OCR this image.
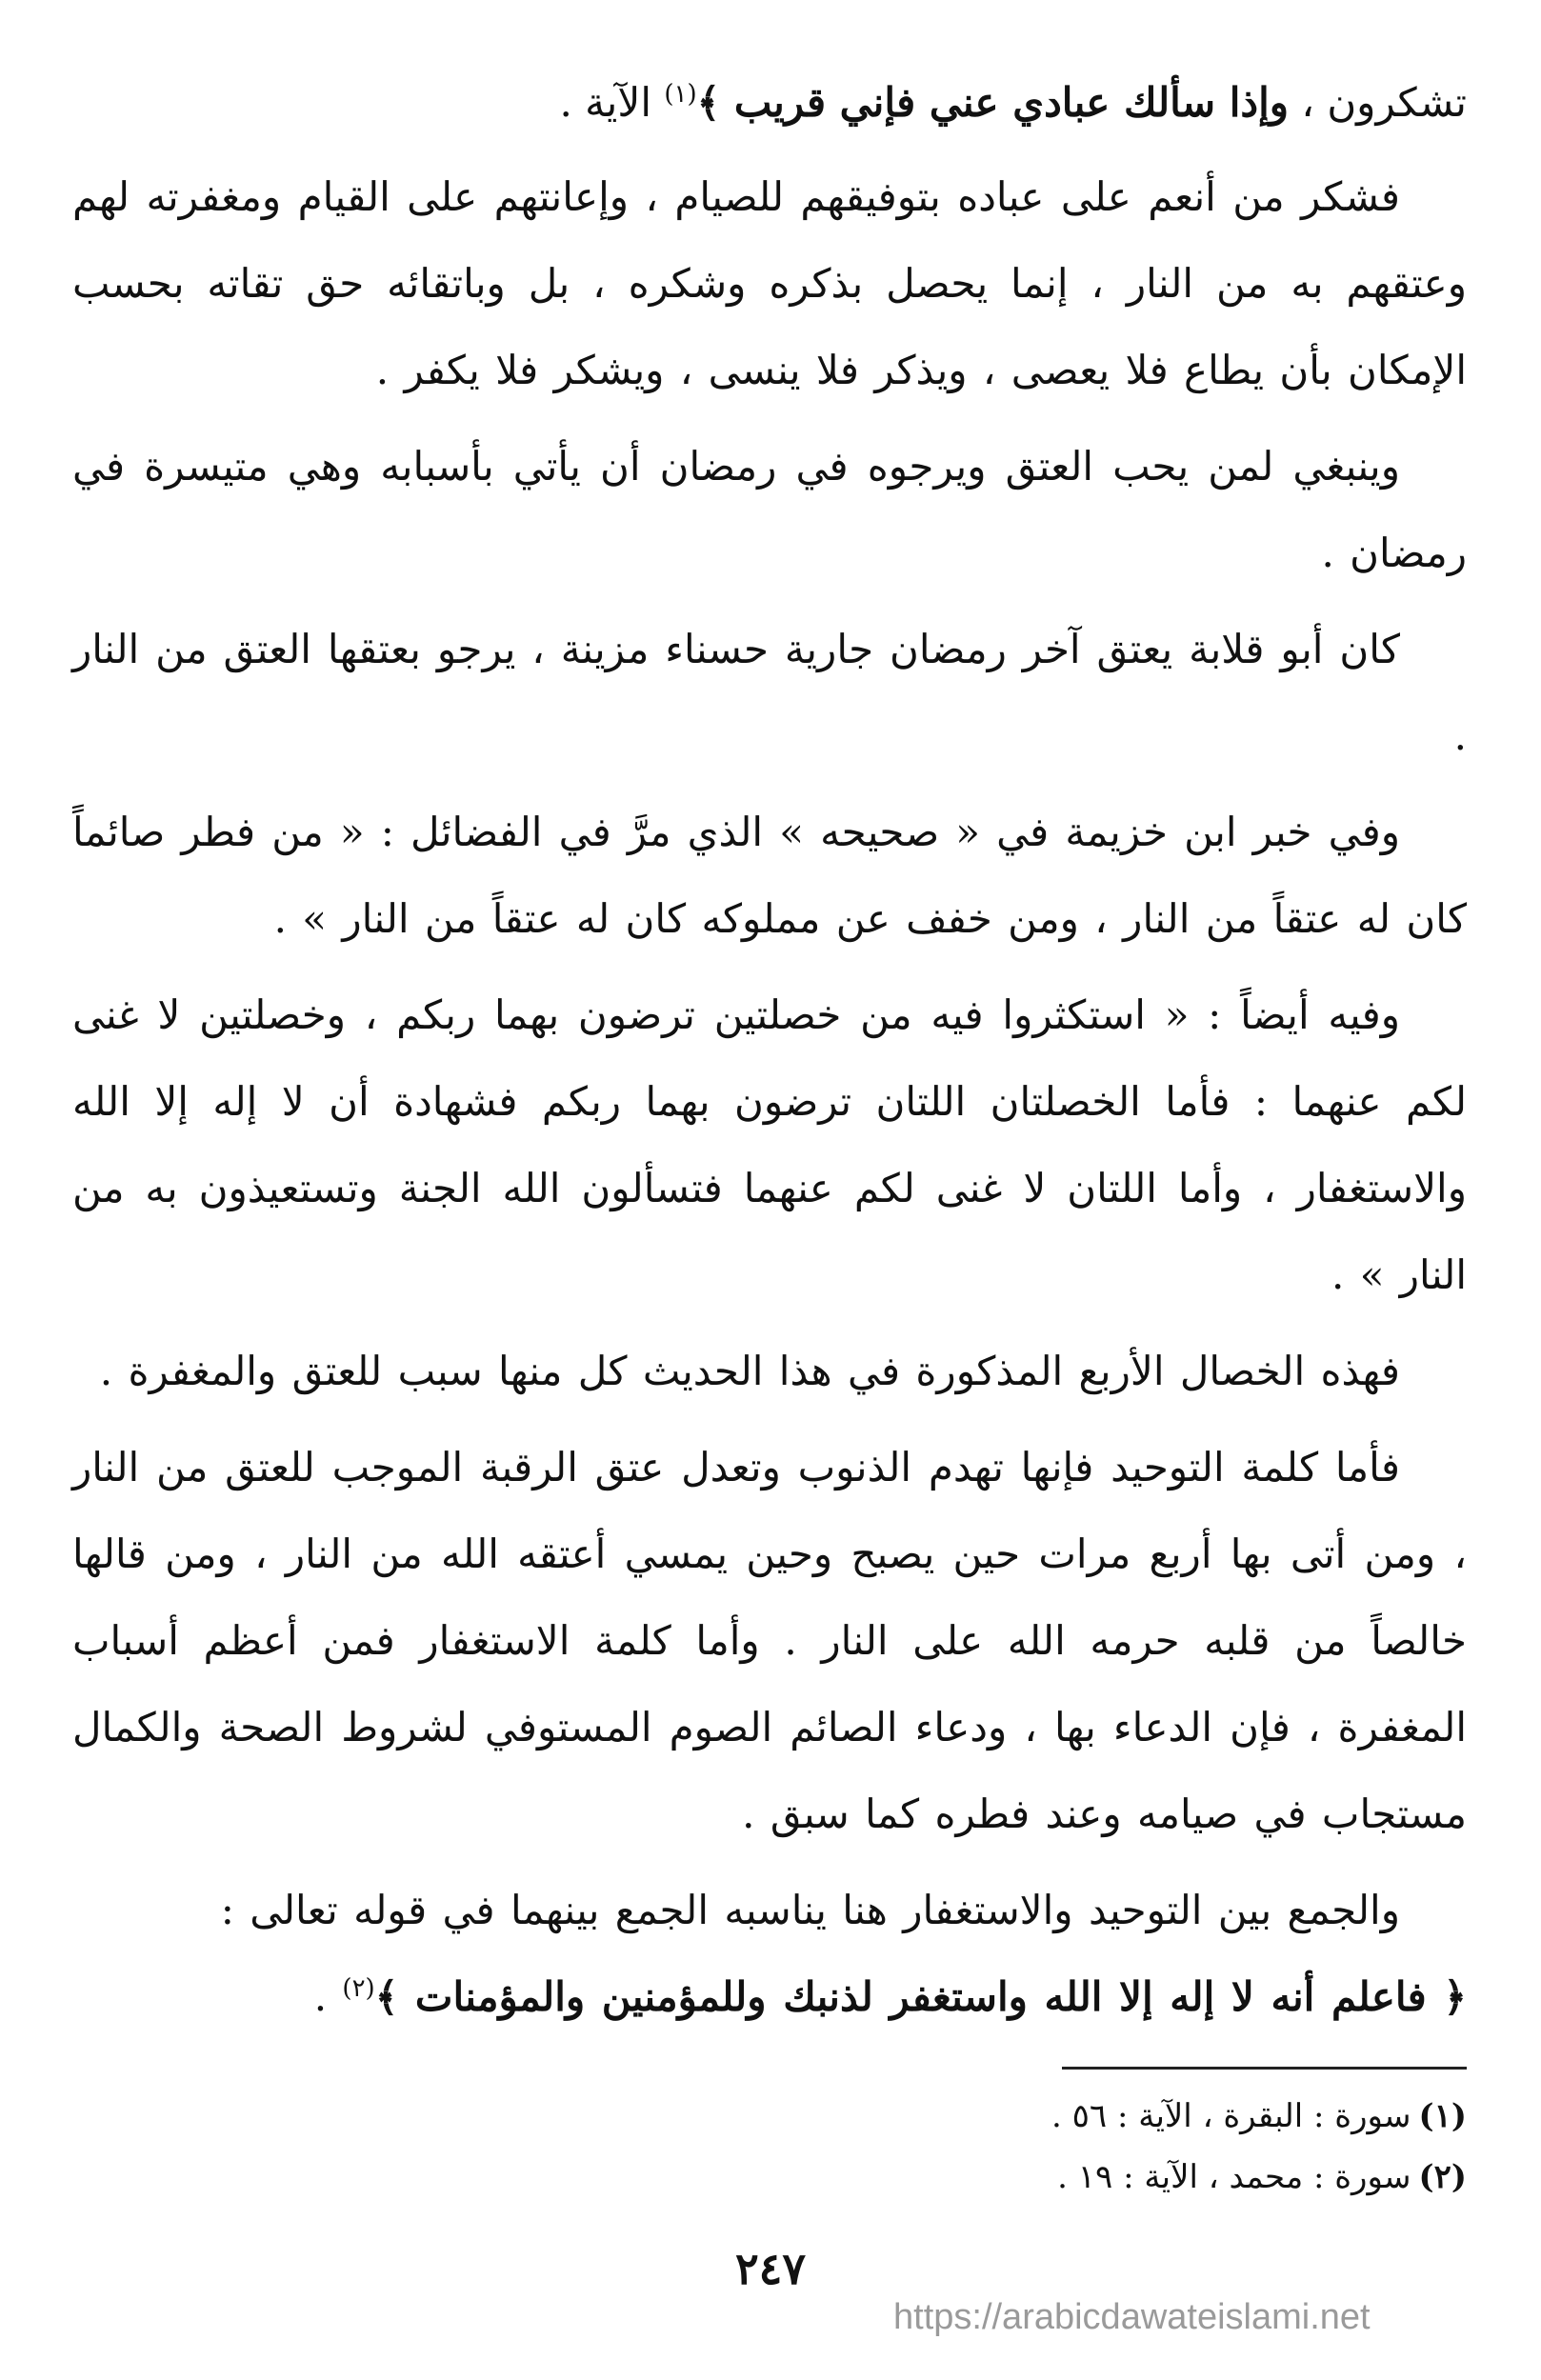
تشكرون ، وإذا سألك عبادي عني فإني قريب ﴾$^{(١)}$ الآية .

فشكر من أنعم على عباده بتوفيقهم للصيام ، وإعانتهم على القيام ومغفرته لهم وعتقهم به من النار ، إنما يحصل بذكره وشكره ، بل وباتقائه حق تقاته بحسب الإمكان بأن يطاع فلا يعصى ، ويذكر فلا ينسى ، ويشكر فلا يكفر .

وينبغي لمن يحب العتق ويرجوه في رمضان أن يأتي بأسبابه وهي متيسرة في رمضان .

كان أبو قلابة يعتق آخر رمضان جارية حسناء مزينة ، يرجو بعتقها العتق من النار .

وفي خبر ابن خزيمة في « صحيحه » الذي مرَّ في الفضائل : « من فطر صائماً كان له عتقاً من النار ، ومن خفف عن مملوكه كان له عتقاً من النار » .

وفيه أيضاً : « استكثروا فيه من خصلتين ترضون بهما ربكم ، وخصلتين لا غنى لكم عنهما : فأما الخصلتان اللتان ترضون بهما ربكم فشهادة أن لا إله إلا الله والاستغفار ، وأما اللتان لا غنى لكم عنهما فتسألون الله الجنة وتستعيذون به من النار » .

فهذه الخصال الأربع المذكورة في هذا الحديث كل منها سبب للعتق والمغفرة .

فأما كلمة التوحيد فإنها تهدم الذنوب وتعدل عتق الرقبة الموجب للعتق من النار ، ومن أتى بها أربع مرات حين يصبح وحين يمسي أعتقه الله من النار ، ومن قالها خالصاً من قلبه حرمه الله على النار . وأما كلمة الاستغفار فمن أعظم أسباب المغفرة ، فإن الدعاء بها ، ودعاء الصائم الصوم المستوفي لشروط الصحة والكمال مستجاب في صيامه وعند فطره كما سبق .

والجمع بين التوحيد والاستغفار هنا يناسبه الجمع بينهما في قوله تعالى :

﴿ فاعلم أنه لا إله إلا الله واستغفر لذنبك وللمؤمنين والمؤمنات ﴾$^{(٢)}$ .
(١)سورة : البقرة ، الآية : ٥٦ .
(٢)سورة : محمد ، الآية : ١٩ .
٢٤٧
https://arabicdawateislami.net
